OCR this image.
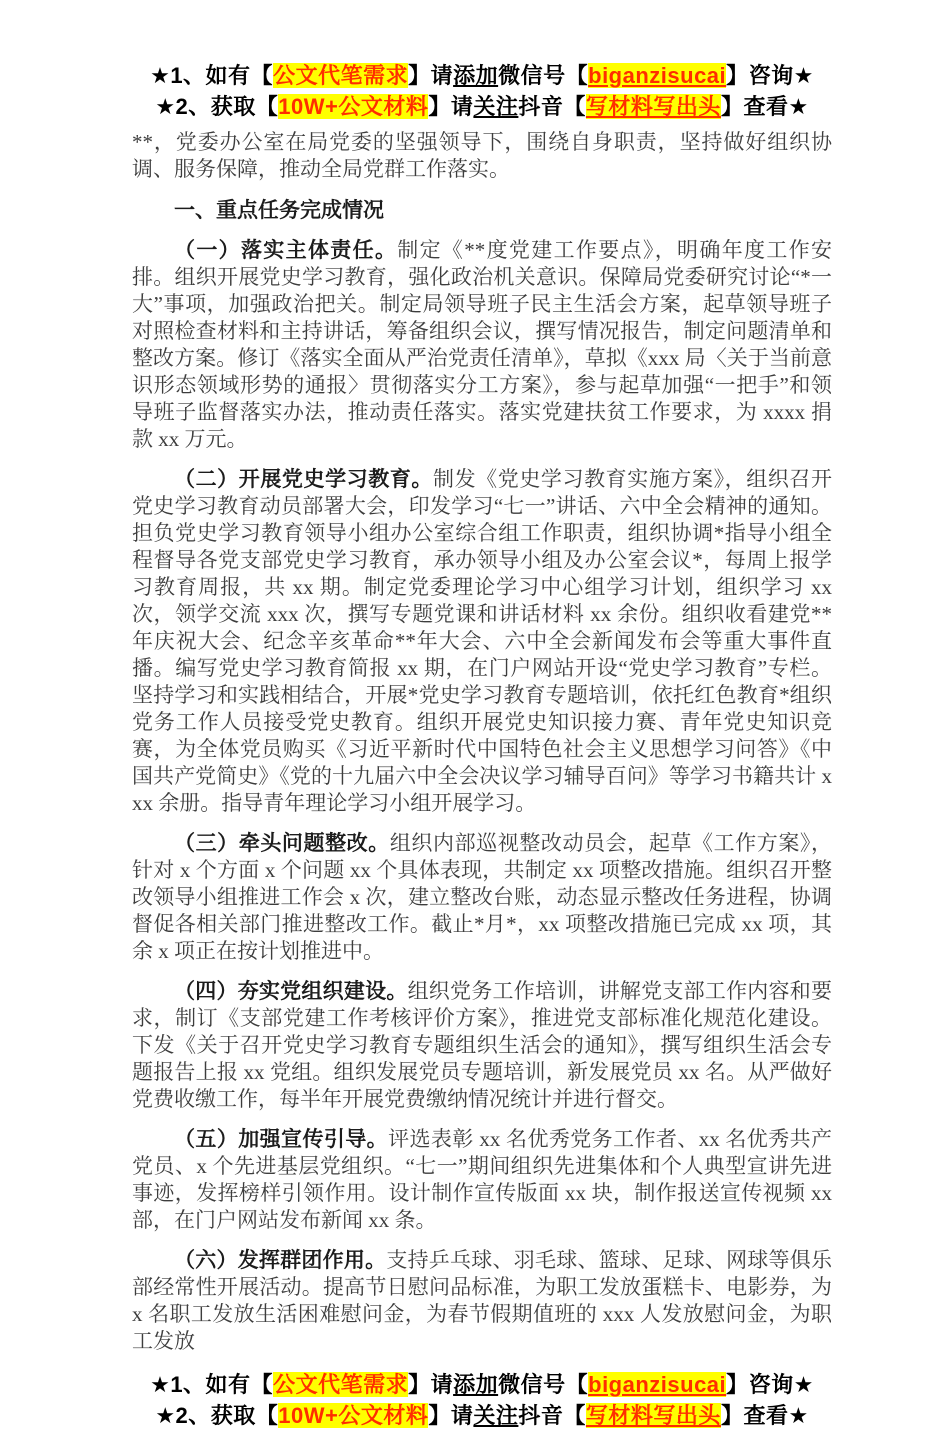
★1、如有【公文代笔需求】请添加微信号【biganzisucai】咨询★
★2、获取【10W+公文材料】请关注抖音【写材料写出头】查看★

**，党委办公室在局党委的坚强领导下，围绕自身职责，坚持做好组织协调、服务保障，推动全局党群工作落实。

一、重点任务完成情况

（一）落实主体责任。制定《**度党建工作要点》，明确年度工作安排。组织开展党史学习教育，强化政治机关意识。保障局党委研究讨论“*一大”事项，加强政治把关。制定局领导班子民主生活会方案，起草领导班子对照检查材料和主持讲话，筹备组织会议，撰写情况报告，制定问题清单和整改方案。修订《落实全面从严治党责任清单》，草拟《xxx 局〈关于当前意识形态领域形势的通报〉贯彻落实分工方案》，参与起草加强“一把手”和领导班子监督落实办法，推动责任落实。落实党建扶贫工作要求，为 xxxx 捐款 xx 万元。

（二）开展党史学习教育。制发《党史学习教育实施方案》，组织召开党史学习教育动员部署大会，印发学习“七一”讲话、六中全会精神的通知。担负党史学习教育领导小组办公室综合组工作职责，组织协调*指导小组全程督导各党支部党史学习教育，承办领导小组及办公室会议*，每周上报学习教育周报，共 xx 期。制定党委理论学习中心组学习计划，组织学习 xx 次，领学交流 xxx 次，撰写专题党课和讲话材料 xx 余份。组织收看建党**年庆祝大会、纪念辛亥革命**年大会、六中全会新闻发布会等重大事件直播。编写党史学习教育简报 xx 期，在门户网站开设“党史学习教育”专栏。坚持学习和实践相结合，开展*党史学习教育专题培训，依托红色教育*组织党务工作人员接受党史教育。组织开展党史知识接力赛、青年党史知识竞赛，为全体党员购买《习近平新时代中国特色社会主义思想学习问答》《中国共产党简史》《党的十九届六中全会决议学习辅导百问》等学习书籍共计 xxx 余册。指导青年理论学习小组开展学习。

（三）牵头问题整改。组织内部巡视整改动员会，起草《工作方案》，针对 x 个方面 x 个问题 xx 个具体表现，共制定 xx 项整改措施。组织召开整改领导小组推进工作会 x 次，建立整改台账，动态显示整改任务进程，协调督促各相关部门推进整改工作。截止*月*，xx 项整改措施已完成 xx 项，其余 x 项正在按计划推进中。

（四）夯实党组织建设。组织党务工作培训，讲解党支部工作内容和要求，制订《支部党建工作考核评价方案》，推进党支部标准化规范化建设。下发《关于召开党史学习教育专题组织生活会的通知》，撰写组织生活会专题报告上报 xx 党组。组织发展党员专题培训，新发展党员 xx 名。从严做好党费收缴工作，每半年开展党费缴纳情况统计并进行督交。

（五）加强宣传引导。评选表彰 xx 名优秀党务工作者、xx 名优秀共产党员、x 个先进基层党组织。“七一”期间组织先进集体和个人典型宣讲先进事迹，发挥榜样引领作用。设计制作宣传版面 xx 块，制作报送宣传视频 xx 部，在门户网站发布新闻 xx 条。

（六）发挥群团作用。支持乒乓球、羽毛球、篮球、足球、网球等俱乐部经常性开展活动。提高节日慰问品标准，为职工发放蛋糕卡、电影券，为 x 名职工发放生活困难慰问金，为春节假期值班的 xxx 人发放慰问金，为职工发放

★1、如有【公文代笔需求】请添加微信号【biganzisucai】咨询★
★2、获取【10W+公文材料】请关注抖音【写材料写出头】查看★
